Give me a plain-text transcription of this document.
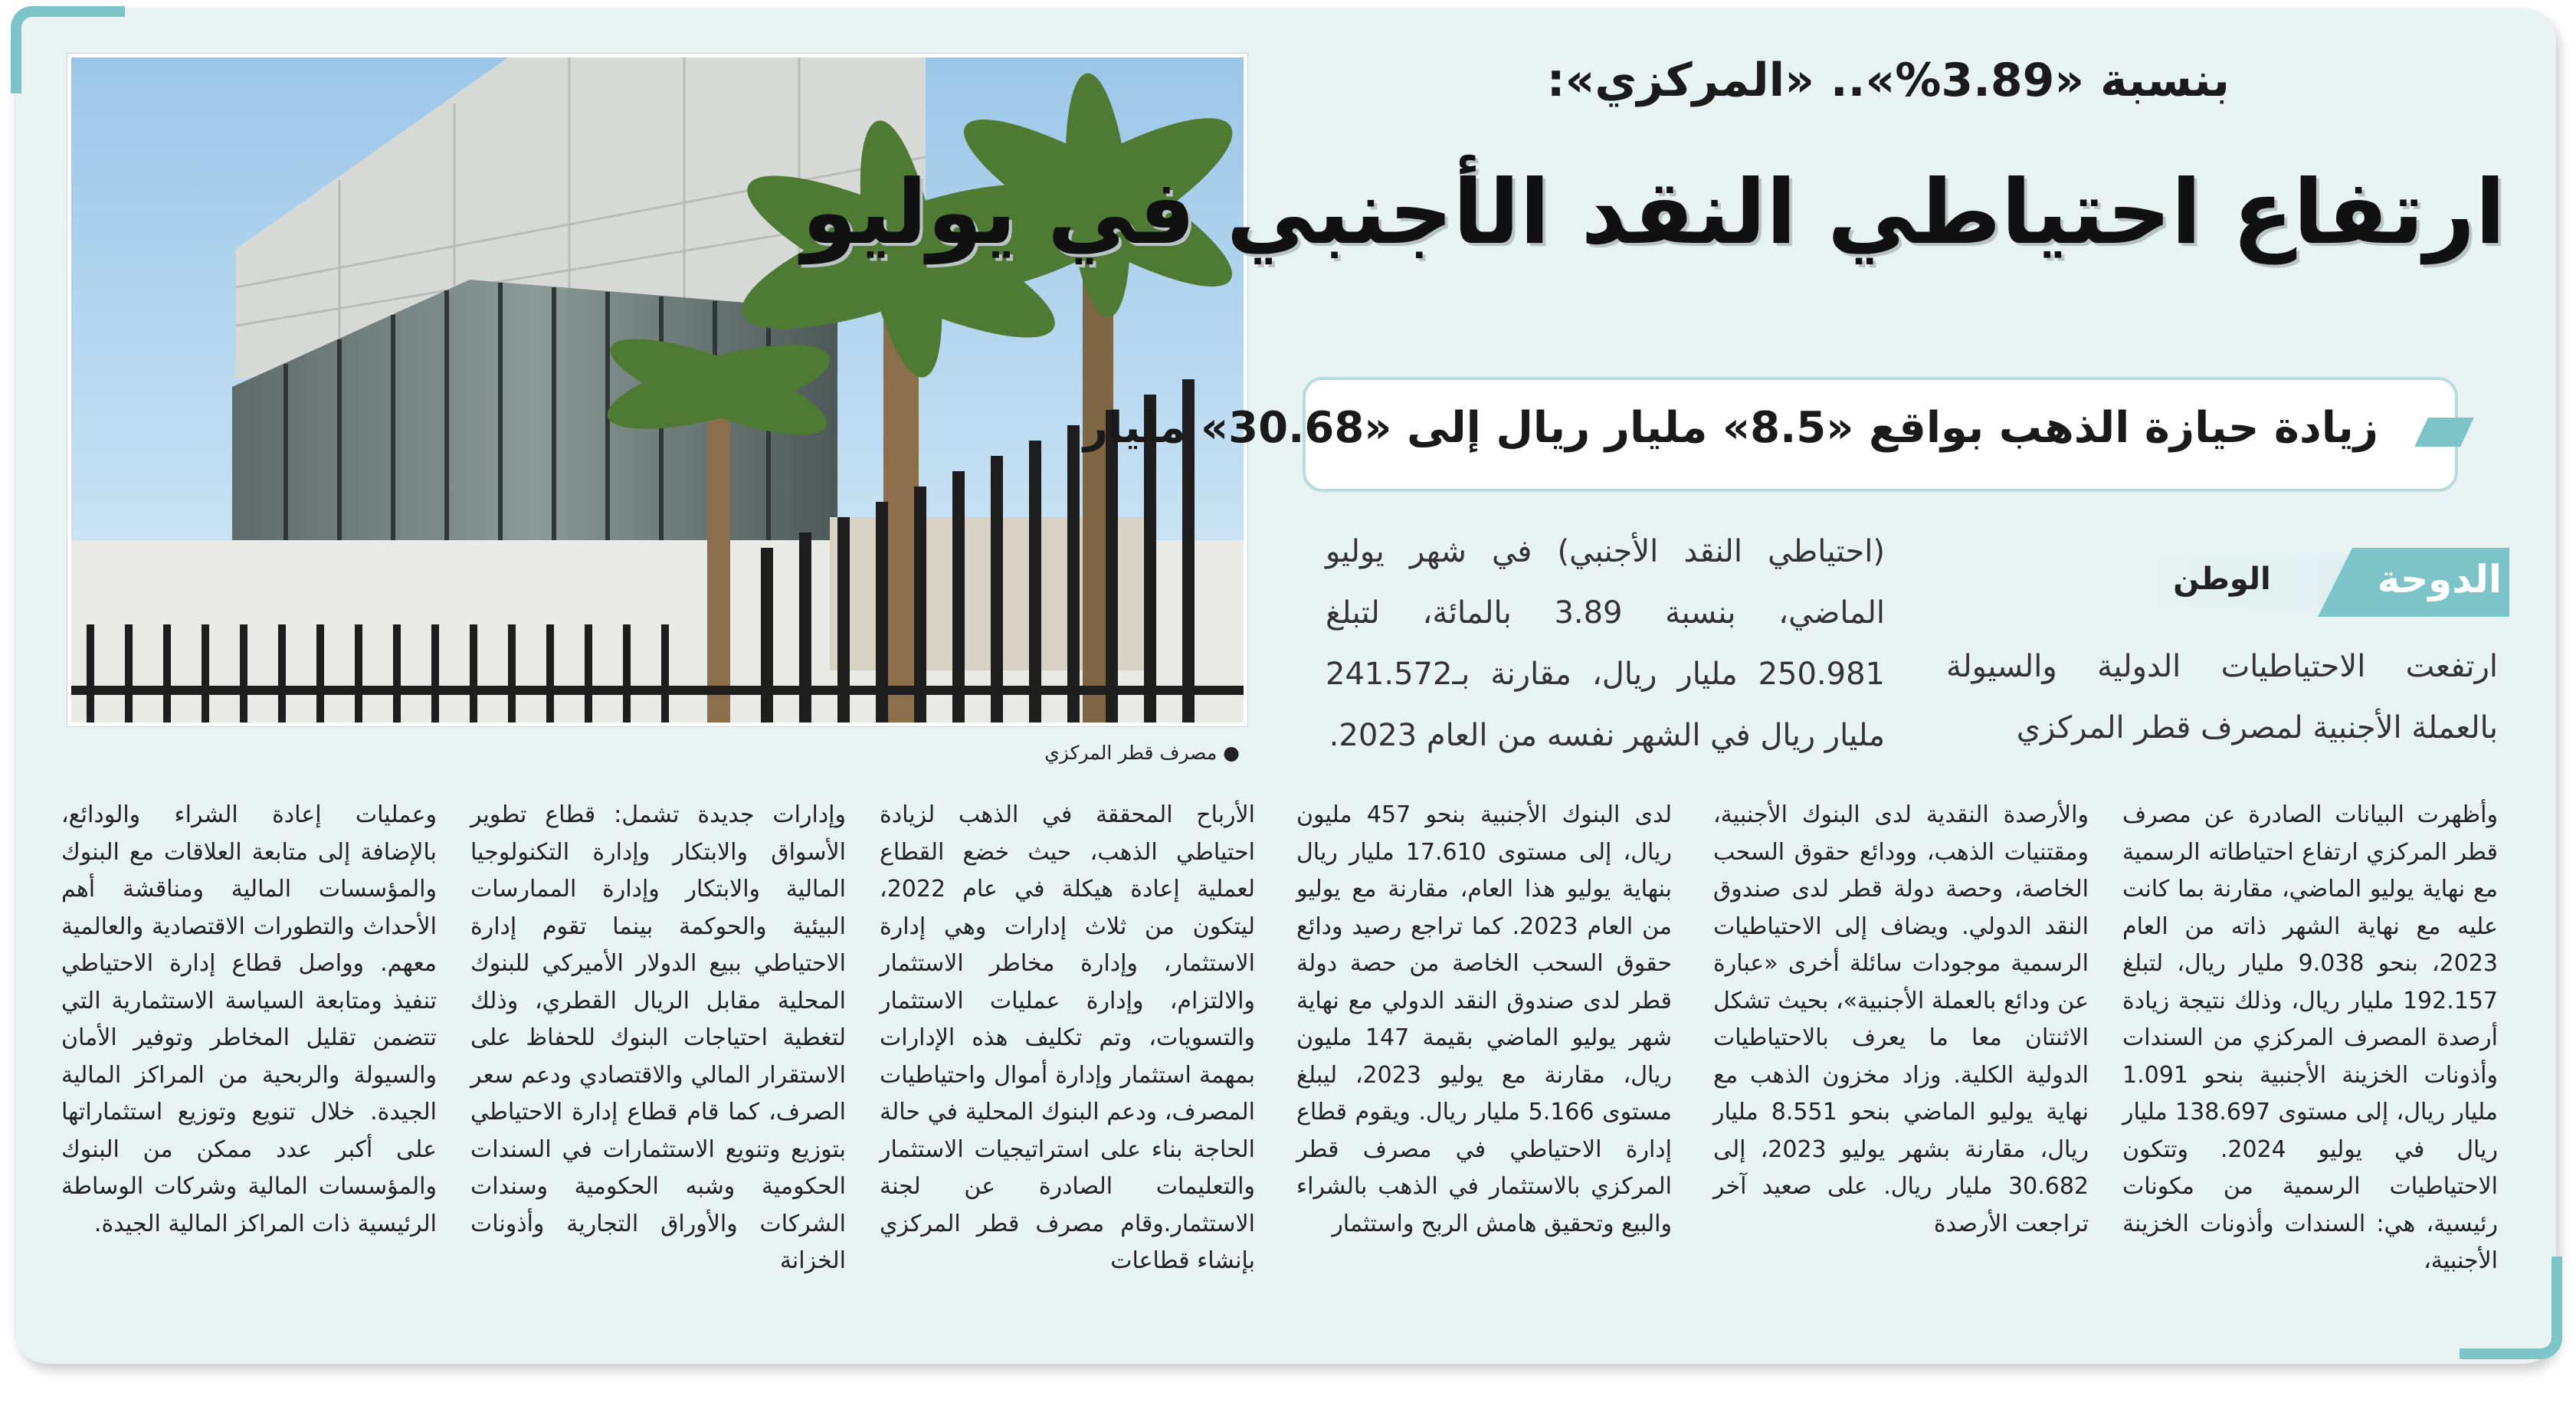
● مصرف قطر المركزي
بنسبة «3.89%».. «المركزي»:
ارتفاع احتياطي النقد الأجنبي في يوليو
زيادة حيازة الذهب بواقع «8.5» مليار ريال إلى «30.68» مليار
الدوحة
الوطن
ارتفعت الاحتياطيات الدولية والسيولة بالعملة الأجنبية لمصرف قطر المركزي
(احتياطي النقد الأجنبي) في شهر يوليو الماضي، بنسبة 3.89 بالمائة، لتبلغ 250.981 مليار ريال، مقارنة بـ241.572 مليار ريال في الشهر نفسه من العام 2023.
وأظهرت البيانات الصادرة عن مصرف قطر المركزي ارتفاع احتياطاته الرسمية مع نهاية يوليو الماضي، مقارنة بما كانت عليه مع نهاية الشهر ذاته من العام 2023، بنحو 9.038 مليار ريال، لتبلغ 192.157 مليار ريال، وذلك نتيجة زيادة أرصدة المصرف المركزي من السندات وأذونات الخزينة الأجنبية بنحو 1.091 مليار ريال، إلى مستوى 138.697 مليار ريال في يوليو 2024. وتتكون الاحتياطيات الرسمية من مكونات رئيسية، هي: السندات وأذونات الخزينة الأجنبية،
والأرصدة النقدية لدى البنوك الأجنبية، ومقتنيات الذهب، وودائع حقوق السحب الخاصة، وحصة دولة قطر لدى صندوق النقد الدولي. ويضاف إلى الاحتياطيات الرسمية موجودات سائلة أخرى «عبارة عن ودائع بالعملة الأجنبية»، بحيث تشكل الاثنتان معا ما يعرف بالاحتياطيات الدولية الكلية. وزاد مخزون الذهب مع نهاية يوليو الماضي بنحو 8.551 مليار ريال، مقارنة بشهر يوليو 2023، إلى 30.682 مليار ريال. على صعيد آخر تراجعت الأرصدة
لدى البنوك الأجنبية بنحو 457 مليون ريال، إلى مستوى 17.610 مليار ريال بنهاية يوليو هذا العام، مقارنة مع يوليو من العام 2023. كما تراجع رصيد ودائع حقوق السحب الخاصة من حصة دولة قطر لدى صندوق النقد الدولي مع نهاية شهر يوليو الماضي بقيمة 147 مليون ريال، مقارنة مع يوليو 2023، ليبلغ مستوى 5.166 مليار ريال. ويقوم قطاع إدارة الاحتياطي في مصرف قطر المركزي بالاستثمار في الذهب بالشراء والبيع وتحقيق هامش الربح واستثمار
الأرباح المحققة في الذهب لزيادة احتياطي الذهب، حيث خضع القطاع لعملية إعادة هيكلة في عام 2022، ليتكون من ثلاث إدارات وهي إدارة الاستثمار، وإدارة مخاطر الاستثمار والالتزام، وإدارة عمليات الاستثمار والتسويات، وتم تكليف هذه الإدارات بمهمة استثمار وإدارة أموال واحتياطيات المصرف، ودعم البنوك المحلية في حالة الحاجة بناء على استراتيجيات الاستثمار والتعليمات الصادرة عن لجنة الاستثمار.وقام مصرف قطر المركزي بإنشاء قطاعات
وإدارات جديدة تشمل: قطاع تطوير الأسواق والابتكار وإدارة التكنولوجيا المالية والابتكار وإدارة الممارسات البيئية والحوكمة بينما تقوم إدارة الاحتياطي ببيع الدولار الأميركي للبنوك المحلية مقابل الريال القطري، وذلك لتغطية احتياجات البنوك للحفاظ على الاستقرار المالي والاقتصادي ودعم سعر الصرف، كما قام قطاع إدارة الاحتياطي بتوزيع وتنويع الاستثمارات في السندات الحكومية وشبه الحكومية وسندات الشركات والأوراق التجارية وأذونات الخزانة
وعمليات إعادة الشراء والودائع، بالإضافة إلى متابعة العلاقات مع البنوك والمؤسسات المالية ومناقشة أهم الأحداث والتطورات الاقتصادية والعالمية معهم. وواصل قطاع إدارة الاحتياطي تنفيذ ومتابعة السياسة الاستثمارية التي تتضمن تقليل المخاطر وتوفير الأمان والسيولة والربحية من المراكز المالية الجيدة. خلال تنويع وتوزيع استثماراتها على أكبر عدد ممكن من البنوك والمؤسسات المالية وشركات الوساطة الرئيسية ذات المراكز المالية الجيدة.
